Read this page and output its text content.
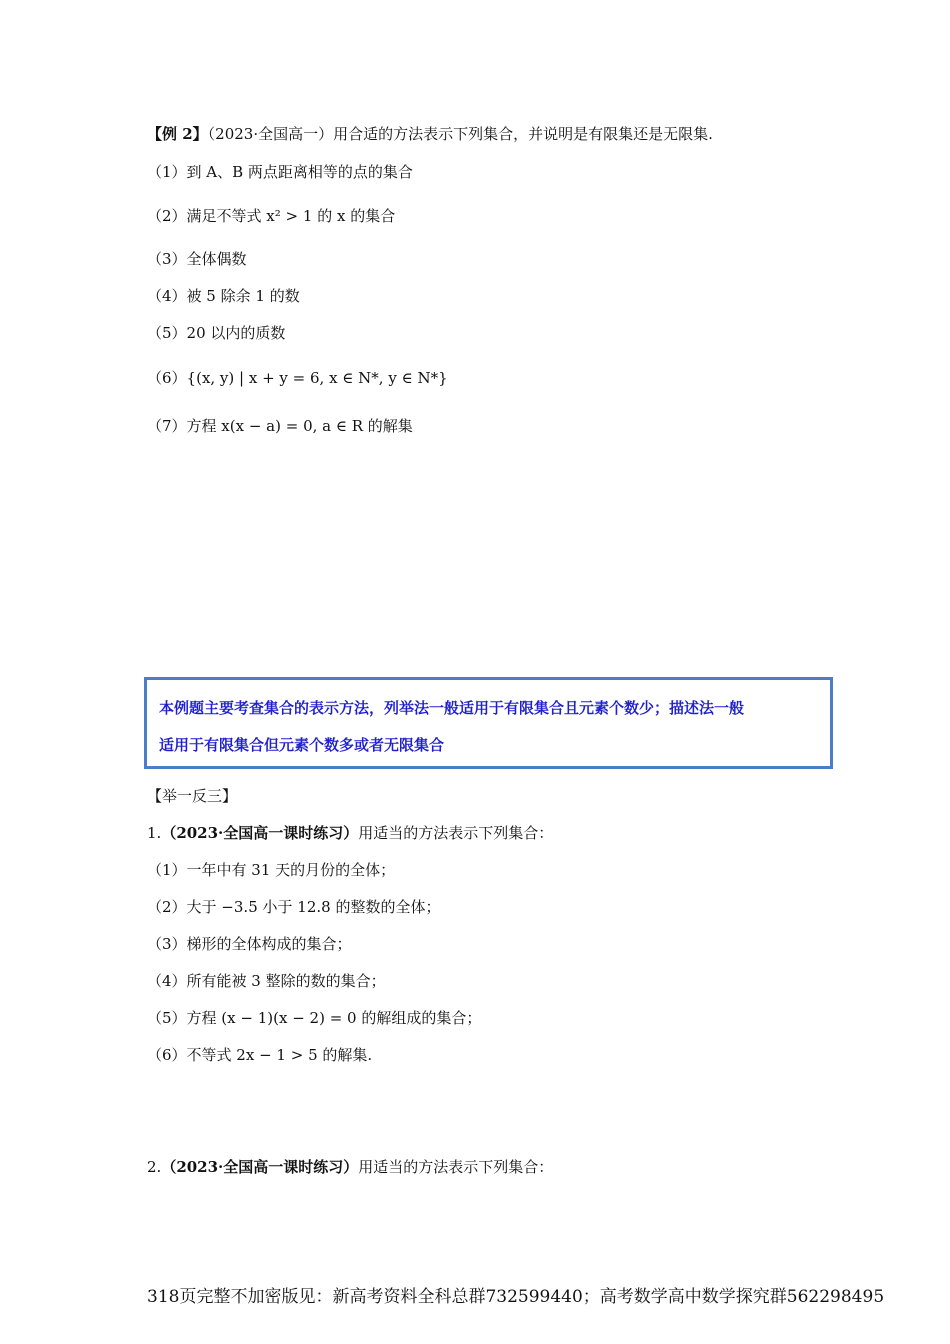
【例 2】（2023·全国高一）用合适的方法表示下列集合，并说明是有限集还是无限集.
（1）到 A、B 两点距离相等的点的集合
（2）满足不等式 x² > 1 的 x 的集合
（3）全体偶数
（4）被 5 除余 1 的数
（5）20 以内的质数
（6）{(x, y) | x + y = 6, x ∈ N*, y ∈ N*}
（7）方程 x(x − a) = 0, a ∈ R 的解集
本例题主要考查集合的表示方法，列举法一般适用于有限集合且元素个数少；描述法一般
适用于有限集合但元素个数多或者无限集合
【举一反三】
1.（2023·全国高一课时练习）用适当的方法表示下列集合：
（1）一年中有 31 天的月份的全体；
（2）大于 −3.5 小于 12.8 的整数的全体；
（3）梯形的全体构成的集合；
（4）所有能被 3 整除的数的集合；
（5）方程 (x − 1)(x − 2) = 0 的解组成的集合；
（6）不等式 2x − 1 > 5 的解集.
2.（2023·全国高一课时练习）用适当的方法表示下列集合：
318页完整不加密版见：新高考资料全科总群732599440；高考数学高中数学探究群562298495
